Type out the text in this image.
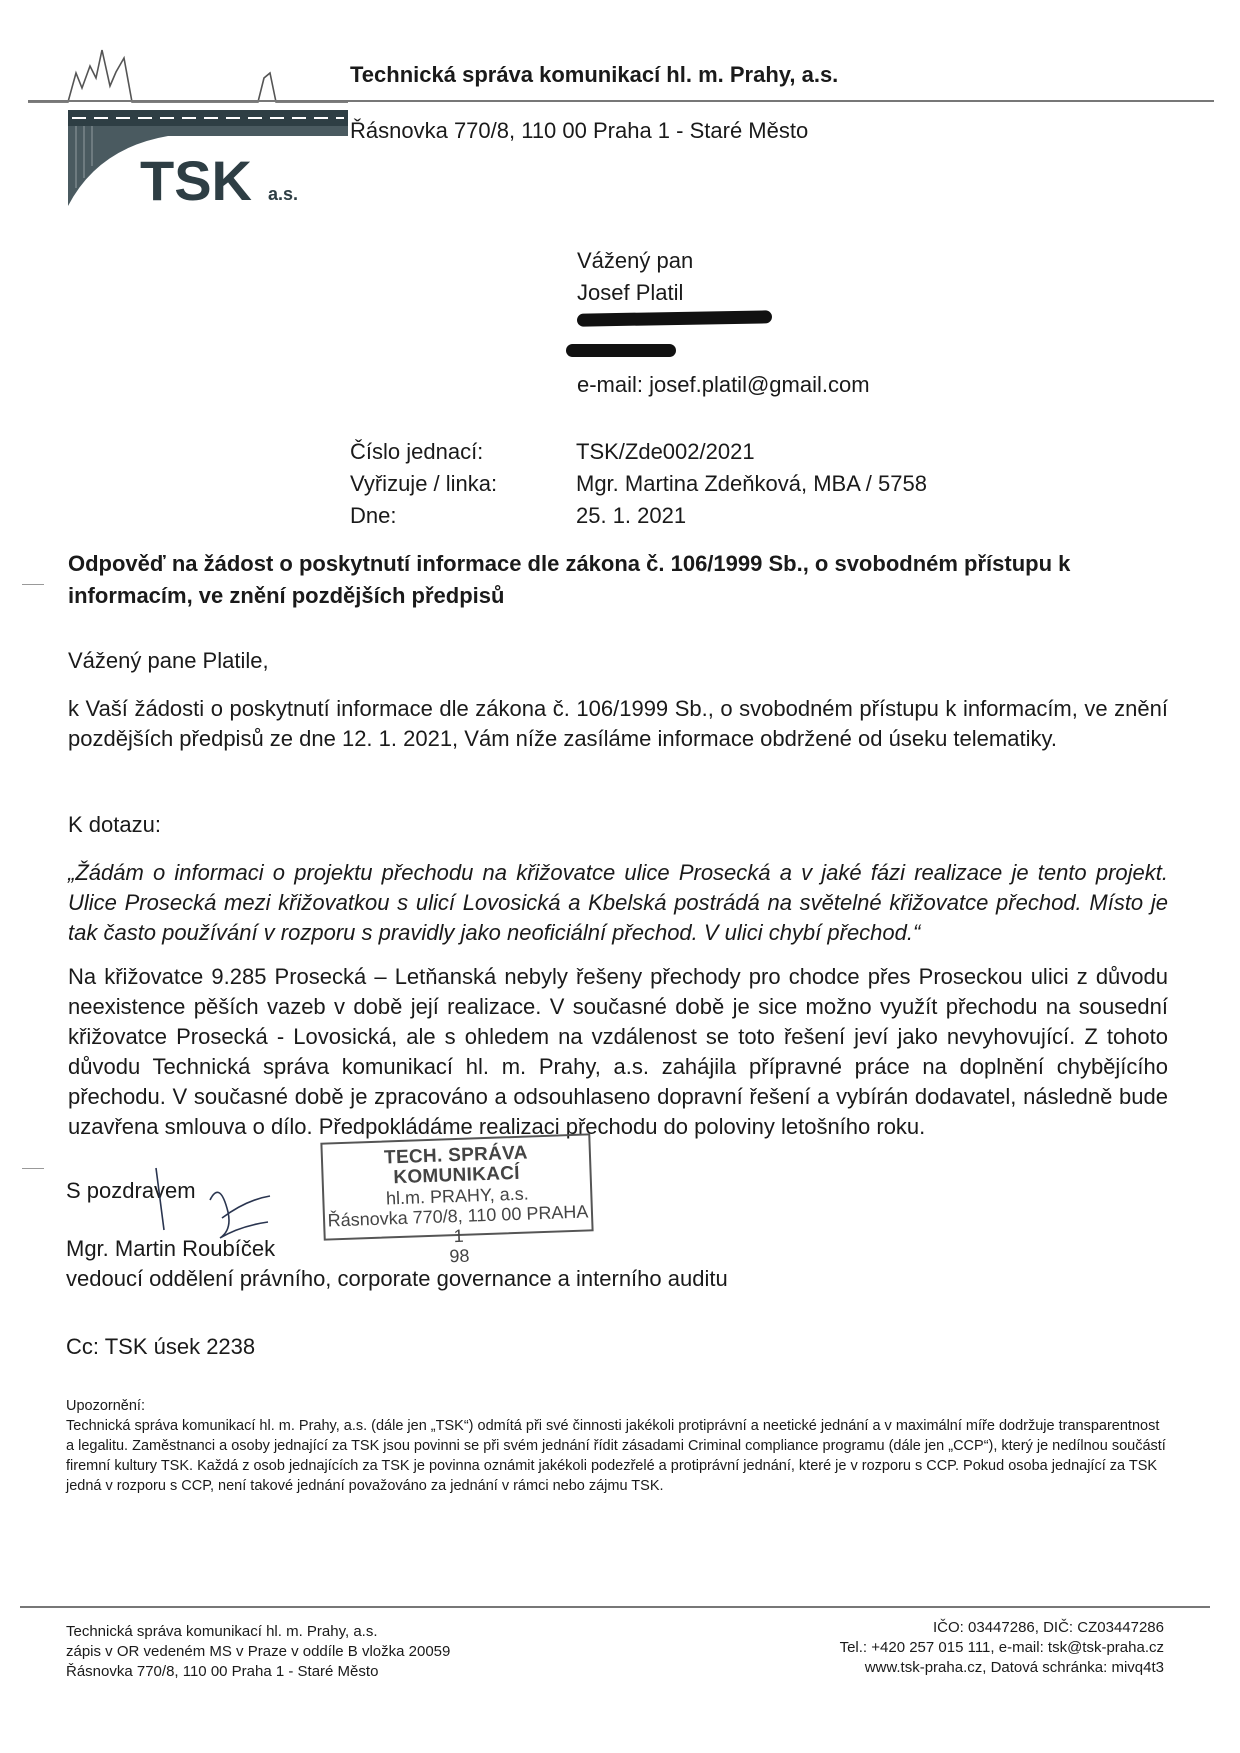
TSK a.s.
Technická správa komunikací hl. m. Prahy, a.s.
Řásnovka 770/8, 110 00 Praha 1 - Staré Město
Vážený pan
Josef Platil
e-mail: josef.platil@gmail.com
Číslo jednací:	TSK/Zde002/2021
Vyřizuje / linka:	Mgr. Martina Zdeňková, MBA / 5758
Dne:	25. 1. 2021
Odpověď na žádost o poskytnutí informace dle zákona č. 106/1999 Sb., o svobodném přístupu k informacím, ve znění pozdějších předpisů
Vážený pane Platile,
k Vaší žádosti o poskytnutí informace dle zákona č. 106/1999 Sb., o svobodném přístupu k informacím, ve znění pozdějších předpisů ze dne 12. 1. 2021, Vám níže zasíláme informace obdržené od úseku telematiky.
K dotazu:
„Žádám o informaci o projektu přechodu na křižovatce ulice Prosecká a v jaké fázi realizace je tento projekt. Ulice Prosecká mezi křižovatkou s ulicí Lovosická a Kbelská postrádá na světelné křižovatce přechod. Místo je tak často používání v rozporu s pravidly jako neoficiální přechod. V ulici chybí přechod.“
Na křižovatce 9.285 Prosecká – Letňanská nebyly řešeny přechody pro chodce přes Proseckou ulici z důvodu neexistence pěších vazeb v době její realizace. V současné době je sice možno využít přechodu na sousední křižovatce Prosecká - Lovosická, ale s ohledem na vzdálenost se toto řešení jeví jako nevyhovující. Z tohoto důvodu Technická správa komunikací hl. m. Prahy, a.s. zahájila přípravné práce na doplnění chybějícího přechodu. V současné době je zpracováno a odsouhlaseno dopravní řešení a vybírán dodavatel, následně bude uzavřena smlouva o dílo. Předpokládáme realizaci přechodu do poloviny letošního roku.
S pozdravem
TECH. SPRÁVA KOMUNIKACÍ
hl.m. PRAHY, a.s.
Řásnovka 770/8, 110 00 PRAHA 1
98
Mgr. Martin Roubíček
vedoucí oddělení právního, corporate governance a interního auditu
Cc: TSK úsek 2238
Upozornění:
Technická správa komunikací hl. m. Prahy, a.s. (dále jen „TSK“) odmítá při své činnosti jakékoli protiprávní a neetické jednání a v maximální míře dodržuje transparentnost a legalitu. Zaměstnanci a osoby jednající za TSK jsou povinni se při svém jednání řídit zásadami Criminal compliance programu (dále jen „CCP“), který je nedílnou součástí firemní kultury TSK. Každá z osob jednajících za TSK je povinna oznámit jakékoli podezřelé a protiprávní jednání, které je v rozporu s CCP. Pokud osoba jednající za TSK jedná v rozporu s CCP, není takové jednání považováno za jednání v rámci nebo zájmu TSK.
Technická správa komunikací hl. m. Prahy, a.s.
zápis v OR vedeném MS v Praze v oddíle B vložka 20059
Řásnovka 770/8, 110 00 Praha 1 - Staré Město
IČO: 03447286, DIČ: CZ03447286
Tel.: +420 257 015 111, e-mail: tsk@tsk-praha.cz
www.tsk-praha.cz, Datová schránka: mivq4t3
